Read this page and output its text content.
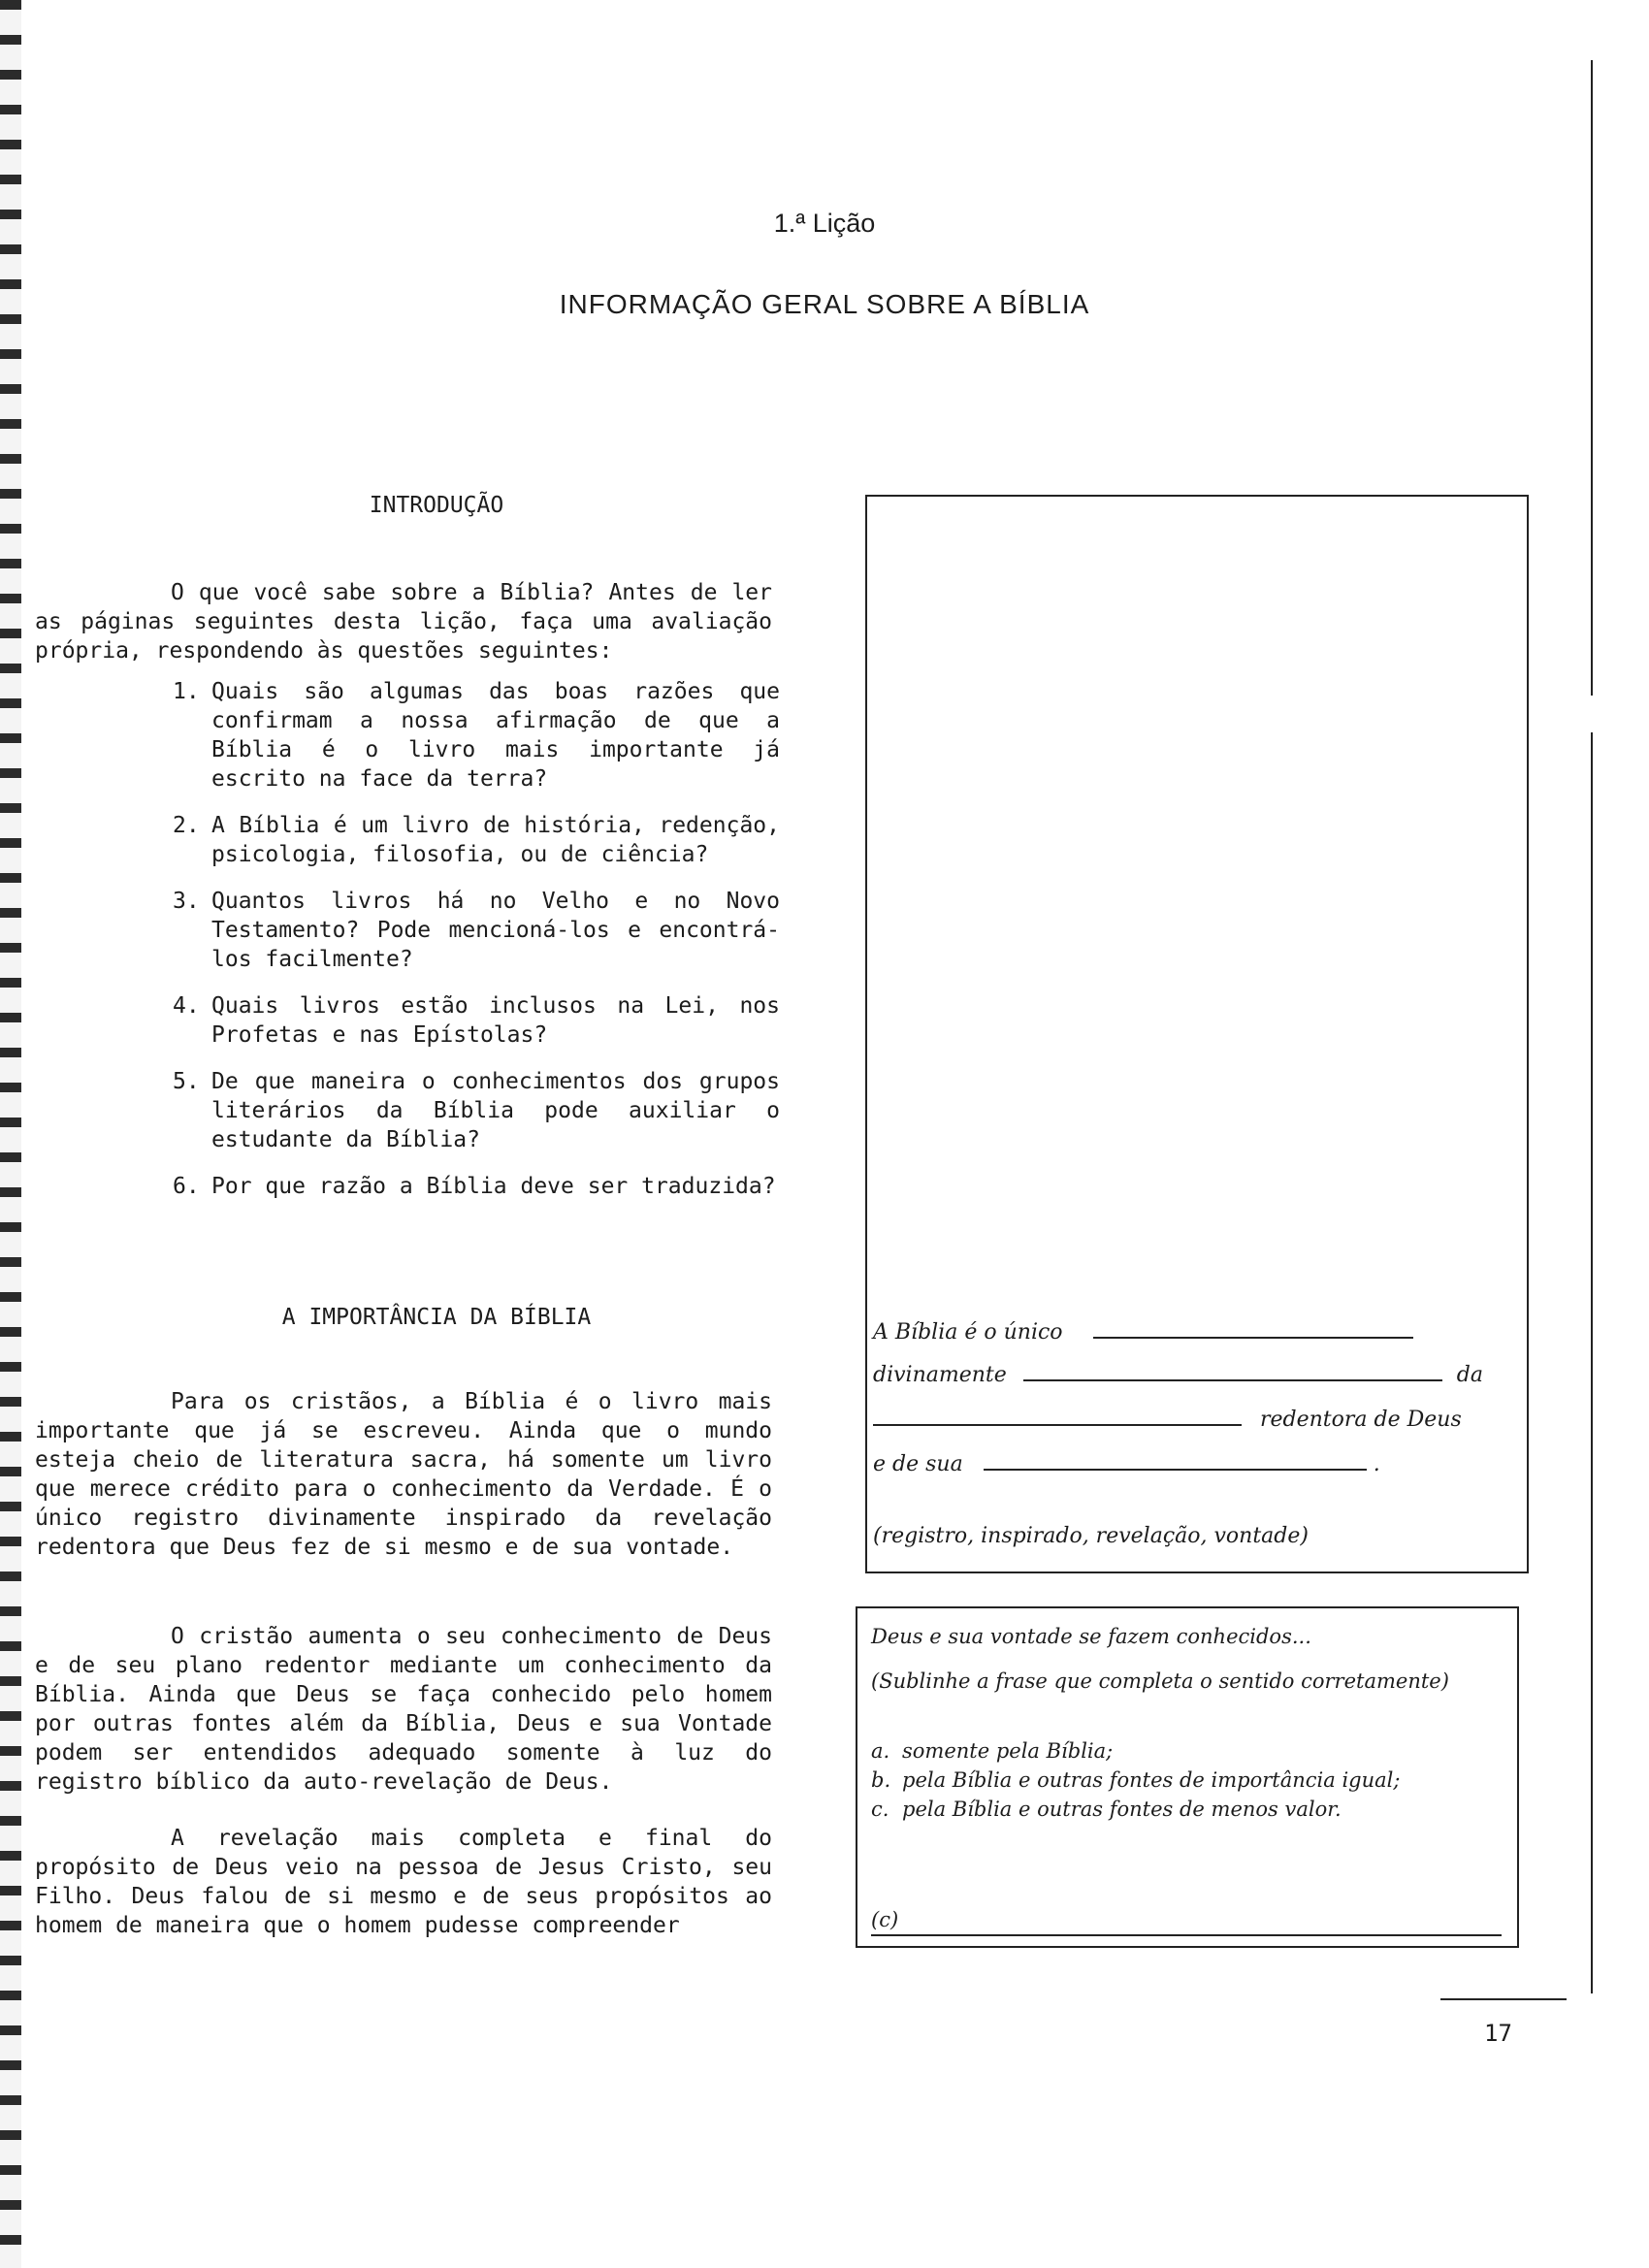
1.ª Lição
INFORMAÇÃO GERAL SOBRE A BÍBLIA
INTRODUÇÃO

O que você sabe sobre a Bíblia? Antes de ler as páginas seguintes desta lição, faça uma avaliação própria, respondendo às questões seguintes:

1. Quais são algumas das boas razões que confirmam a nossa afirmação de que a Bíblia é o livro mais importante já escrito na face da terra?
2. A Bíblia é um livro de história, redenção, psicologia, filosofia, ou de ciência?
3. Quantos livros há no Velho e no Novo Testamento? Pode mencioná-los e encontrá-los facilmente?
4. Quais livros estão inclusos na Lei, nos Profetas e nas Epístolas?
5. De que maneira o conhecimentos dos grupos literários da Bíblia pode auxiliar o estudante da Bíblia?
6. Por que razão a Bíblia deve ser traduzida?
A IMPORTÂNCIA DA BÍBLIA

Para os cristãos, a Bíblia é o livro mais importante que já se escreveu. Ainda que o mundo esteja cheio de literatura sacra, há somente um livro que merece crédito para o conhecimento da Verdade. É o único registro divinamente inspirado da revelação redentora que Deus fez de si mesmo e de sua vontade.

O cristão aumenta o seu conhecimento de Deus e de seu plano redentor mediante um conhecimento da Bíblia. Ainda que Deus se faça conhecido pelo homem por outras fontes além da Bíblia, Deus e sua Vontade podem ser entendidos adequado somente à luz do registro bíblico da auto-revelação de Deus.

A revelação mais completa e final do propósito de Deus veio na pessoa de Jesus Cristo, seu Filho. Deus falou de si mesmo e de seus propósitos ao homem de maneira que o homem pudesse compreender

A Bíblia é o único
divinamente	da
redentora de Deus
e de sua	.
(registro, inspirado, revelação, vontade)
Deus e sua vontade se fazem conhecidos...
(Sublinhe a frase que completa o sentido corretamente)
a. somente pela Bíblia;
b. pela Bíblia e outras fontes de importância igual;
c. pela Bíblia e outras fontes de menos valor.
(c)
17
